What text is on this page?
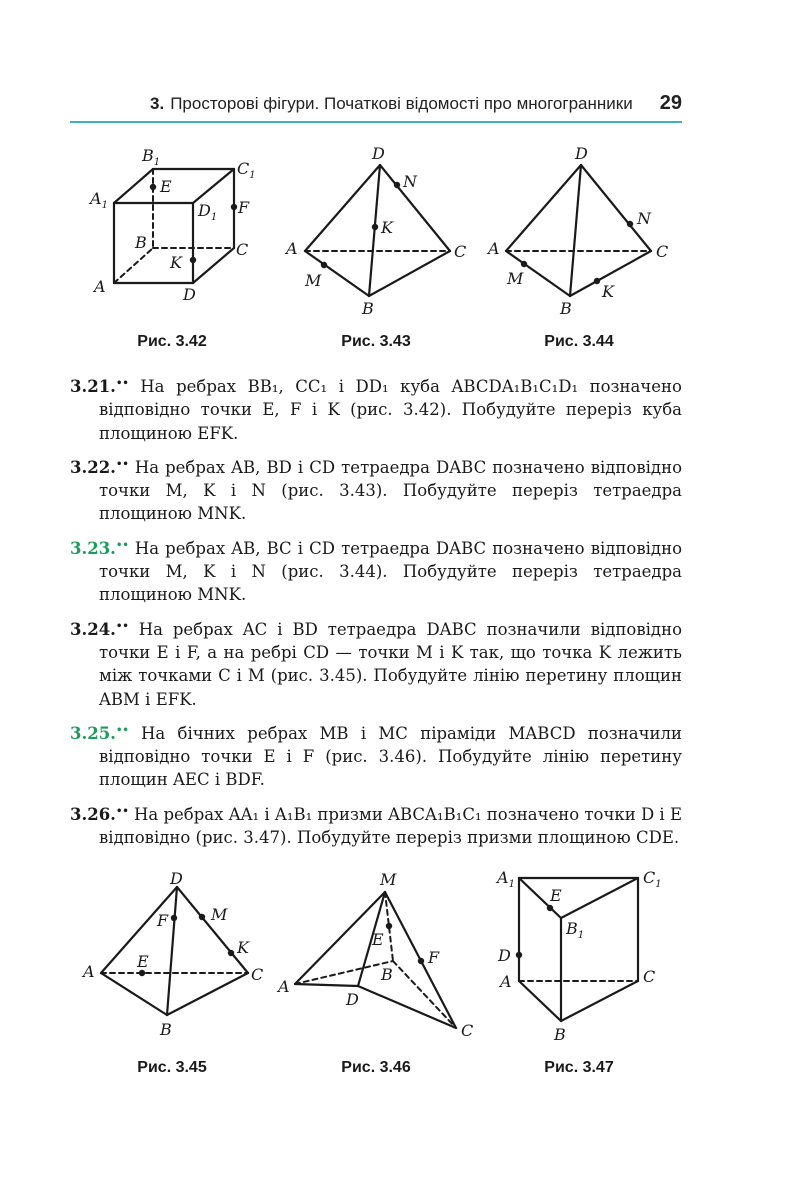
3. Просторові фігури. Початкові відомості про многогранники 29
$B_1$	$C_1$
$A_1$	$D_1$
E
F
B	C
K
A	D
Рис. 3.42
D
N
K
A	C
M
B
Рис. 3.43
D
N
A	C
M
K
B
Рис. 3.44

3.21.•• На ребрах BB₁, CC₁ і DD₁ куба ABCDA₁B₁C₁D₁ позначено відповідно точки E, F і K (рис. 3.42). Побудуйте переріз куба площиною EFK.

3.22.•• На ребрах AB, BD і CD тетраедра DABC позначено відповідно точки M, K і N (рис. 3.43). Побудуйте переріз тетраедра площиною MNK.

3.23.•• На ребрах AB, BC і CD тетраедра DABC позначено відповідно точки M, K і N (рис. 3.44). Побудуйте переріз тетраедра площиною MNK.

3.24.•• На ребрах AC і BD тетраедра DABC позначили відповідно точки E і F, а на ребрі CD — точки M і K так, що точка K лежить між точками C і M (рис. 3.45). Побудуйте лінію перетину площин ABM і EFK.

3.25.•• На бічних ребрах MB і MC піраміди MABCD позначили відповідно точки E і F (рис. 3.46). Побудуйте лінію перетину площин AEC і BDF.

3.26.•• На ребрах AA₁ і A₁B₁ призми ABCA₁B₁C₁ позначено точки D і E відповідно (рис. 3.47). Побудуйте переріз призми площиною CDE.

D
F	M
K
E
A	C
B
Рис. 3.45
M
E
F
B
A
D
C
Рис. 3.46
$A_1$	$C_1$
E
$B_1$
D
A	C
B
Рис. 3.47
